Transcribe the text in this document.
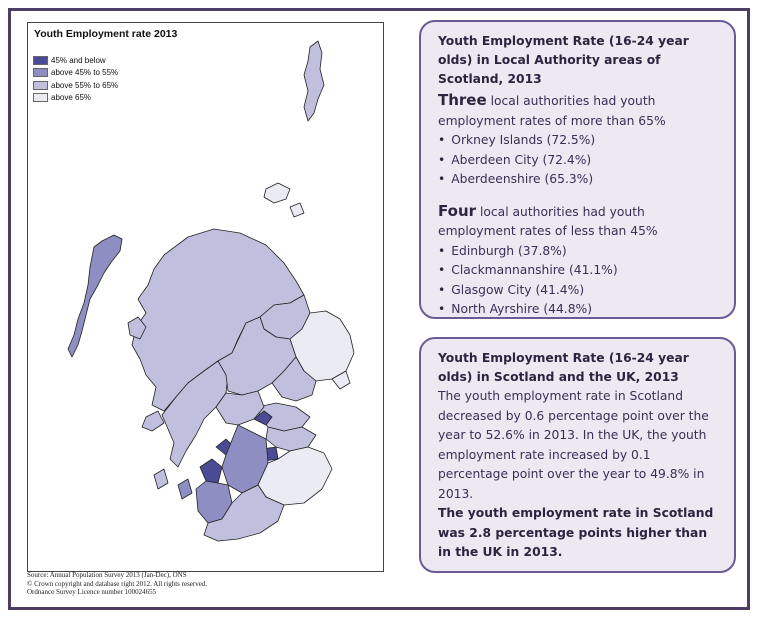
Youth Employment rate 2013
45% and below
above 45% to 55%
above 55% to 65%
above 65%
Source: Annual Population Survey 2013 (Jan-Dec), ONS
© Crown copyright and database right 2012. All rights reserved.
Ordnance Survey Licence number 100024655
Youth Employment Rate (16-24 year olds) in Local Authority areas of Scotland, 2013
Three local authorities had youth employment rates of more than 65%
• Orkney Islands (72.5%)
• Aberdeen City (72.4%)
• Aberdeenshire (65.3%)
Four local authorities had youth employment rates of less than 45%
• Edinburgh (37.8%)
• Clackmannanshire (41.1%)
• Glasgow City (41.4%)
• North Ayrshire (44.8%)
Youth Employment Rate (16-24 year olds) in Scotland and the UK, 2013
The youth employment rate in Scotland decreased by 0.6 percentage point over the year to 52.6% in 2013. In the UK, the youth employment rate increased by 0.1 percentage point over the year to 49.8% in 2013.
The youth employment rate in Scotland was 2.8 percentage points higher than in the UK in 2013.
